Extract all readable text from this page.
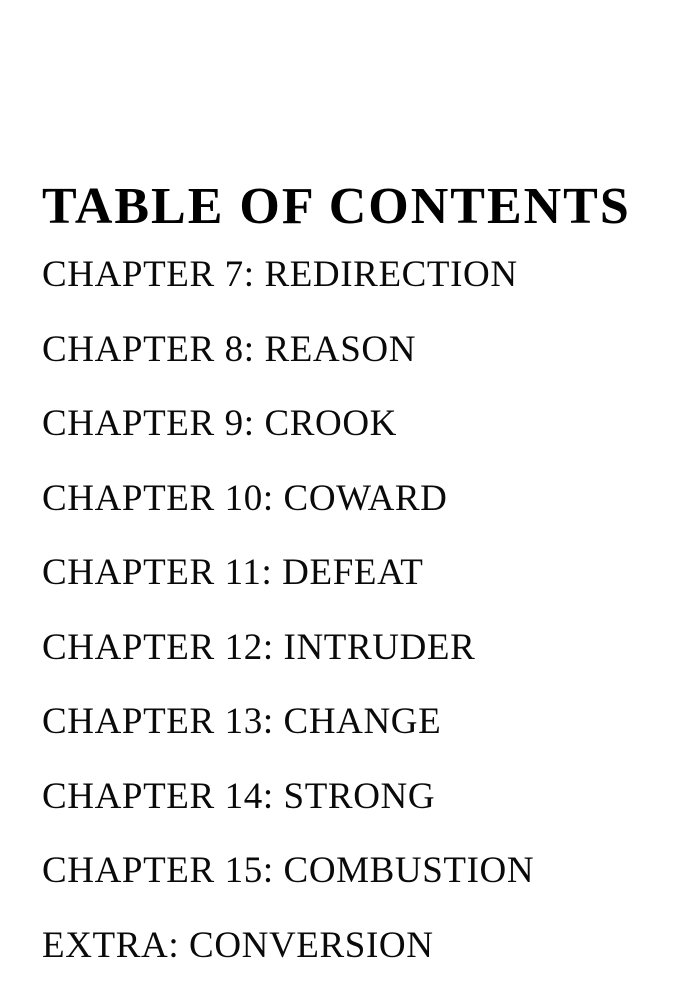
TABLE OF CONTENTS
CHAPTER 7: REDIRECTION
CHAPTER 8: REASON
CHAPTER 9: CROOK
CHAPTER 10: COWARD
CHAPTER 11: DEFEAT
CHAPTER 12: INTRUDER
CHAPTER 13: CHANGE
CHAPTER 14: STRONG
CHAPTER 15: COMBUSTION
EXTRA: CONVERSION
